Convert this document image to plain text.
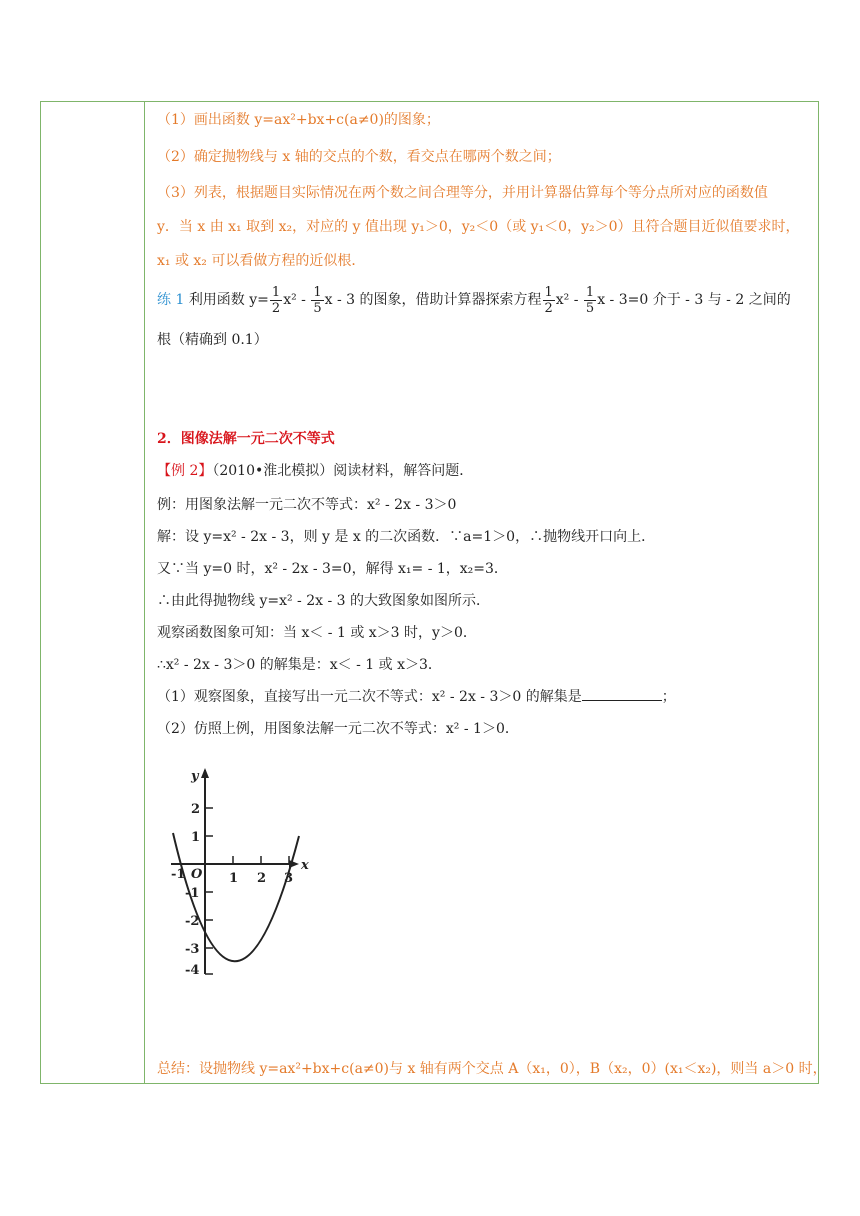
（1）画出函数 y=ax²+bx+c(a≠0)的图象；
（2）确定抛物线与 x 轴的交点的个数，看交点在哪两个数之间；
（3）列表，根据题目实际情况在两个数之间合理等分，并用计算器估算每个等分点所对应的函数值
y．当 x 由 x₁ 取到 x₂，对应的 y 值出现 y₁＞0，y₂＜0（或 y₁＜0，y₂＞0）且符合题目近似值要求时，
x₁ 或 x₂ 可以看做方程的近似根．
练 1 利用函数 $y= \frac{1}{2} x^2 - \frac{1}{5}$ x - 3 的图象，借助计算器探索方程 $\frac{1}{2} x^2 - \frac{1}{5}$ x - 3=0 介于 - 3 与 - 2 之间的
根（精确到 0.1）
2．图像法解一元二次不等式
【例 2】（2010•淮北模拟）阅读材料，解答问题．
例：用图象法解一元二次不等式：x² - 2x - 3＞0
解：设 y=x² - 2x - 3，则 y 是 x 的二次函数．∵a=1＞0，∴抛物线开口向上．
又∵当 y=0 时，x² - 2x - 3=0，解得 x₁= - 1，x₂=3．
∴由此得抛物线 y=x² - 2x - 3 的大致图象如图所示．
观察函数图象可知：当 x＜ - 1 或 x＞3 时，y＞0．
∴x² - 2x - 3＞0 的解集是：x＜ - 1 或 x＞3．
（1）观察图象，直接写出一元二次不等式：x² - 2x - 3＞0 的解集是	；
（2）仿照上例，用图象法解一元二次不等式：x² - 1＞0．
y
x
O
-1	1 2 3
2
1
-1
-2
-3
-4
总结：设抛物线 y=ax²+bx+c(a≠0)与 x 轴有两个交点 A（x₁，0），B（x₂，0）(x₁＜x₂)，则当 a＞0 时，
